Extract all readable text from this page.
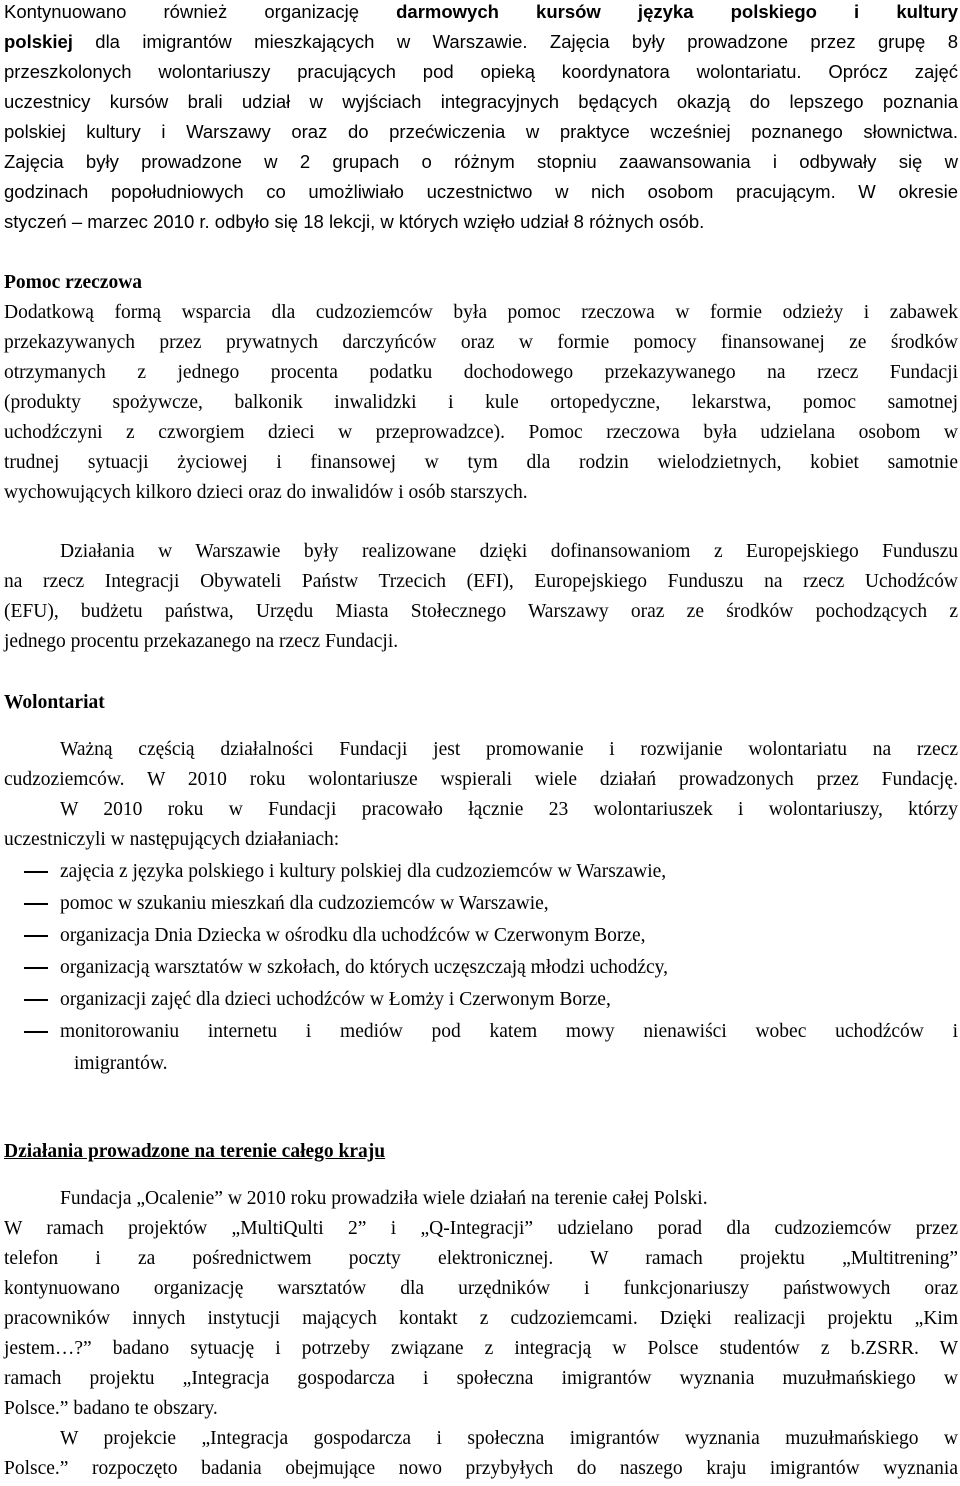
Kontynuowano również organizację darmowych kursów języka polskiego i kultury
polskiej dla imigrantów mieszkających w Warszawie. Zajęcia były prowadzone przez grupę 8
przeszkolonych wolontariuszy pracujących pod opieką koordynatora wolontariatu. Oprócz zajęć
uczestnicy kursów brali udział w wyjściach integracyjnych będących okazją do lepszego poznania
polskiej kultury i Warszawy oraz do przećwiczenia w praktyce wcześniej poznanego słownictwa.
Zajęcia były prowadzone w 2 grupach o różnym stopniu zaawansowania i odbywały się w
godzinach popołudniowych co umożliwiało uczestnictwo w nich osobom pracującym. W okresie
styczeń – marzec 2010 r. odbyło się 18 lekcji, w których wzięło udział 8 różnych osób.
Pomoc rzeczowa
Dodatkową formą wsparcia dla cudzoziemców była pomoc rzeczowa w formie odzieży i zabawek
przekazywanych przez prywatnych darczyńców oraz w formie pomocy finansowanej ze środków
otrzymanych z jednego procenta podatku dochodowego przekazywanego na rzecz Fundacji
(produkty spożywcze, balkonik inwalidzki i kule ortopedyczne, lekarstwa, pomoc samotnej
uchodźczyni z czworgiem dzieci w przeprowadzce). Pomoc rzeczowa była udzielana osobom w
trudnej sytuacji życiowej i finansowej w tym dla rodzin wielodzietnych, kobiet samotnie
wychowujących kilkoro dzieci oraz do inwalidów i osób starszych.
Działania w Warszawie były realizowane dzięki dofinansowaniom z Europejskiego Funduszu
na rzecz Integracji Obywateli Państw Trzecich (EFI), Europejskiego Funduszu na rzecz Uchodźców
(EFU), budżetu państwa, Urzędu Miasta Stołecznego Warszawy oraz ze środków pochodzących z
jednego procentu przekazanego na rzecz Fundacji.
Wolontariat
Ważną częścią działalności Fundacji jest promowanie i rozwijanie wolontariatu na rzecz
cudzoziemców. W 2010 roku wolontariusze wspierali wiele działań prowadzonych przez Fundację.
W 2010 roku w Fundacji pracowało łącznie 23 wolontariuszek i wolontariuszy, którzy
uczestniczyli w następujących działaniach:
zajęcia z języka polskiego i kultury polskiej dla cudzoziemców w Warszawie,
pomoc w szukaniu mieszkań dla cudzoziemców w Warszawie,
organizacja Dnia Dziecka w ośrodku dla uchodźców w Czerwonym Borze,
organizacją warsztatów w szkołach, do których uczęszczają młodzi uchodźcy,
organizacji zajęć dla dzieci uchodźców w Łomży i Czerwonym Borze,
monitorowaniu internetu i mediów pod katem mowy nienawiści wobec uchodźców i
imigrantów.
Działania prowadzone na terenie całego kraju
Fundacja „Ocalenie” w 2010 roku prowadziła wiele działań na terenie całej Polski.
W ramach projektów „MultiQulti 2” i „Q-Integracji” udzielano porad dla cudzoziemców przez
telefon i za pośrednictwem poczty elektronicznej. W ramach projektu „Multitrening”
kontynuowano organizację warsztatów dla urzędników i funkcjonariuszy państwowych oraz
pracowników innych instytucji mających kontakt z cudzoziemcami. Dzięki realizacji projektu „Kim
jestem…?” badano sytuację i potrzeby związane z integracją w Polsce studentów z b.ZSRR. W
ramach projektu „Integracja gospodarcza i społeczna imigrantów wyznania muzułmańskiego w
Polsce.” badano te obszary.
W projekcie „Integracja gospodarcza i społeczna imigrantów wyznania muzułmańskiego w
Polsce.” rozpoczęto badania obejmujące nowo przybyłych do naszego kraju imigrantów wyznania
